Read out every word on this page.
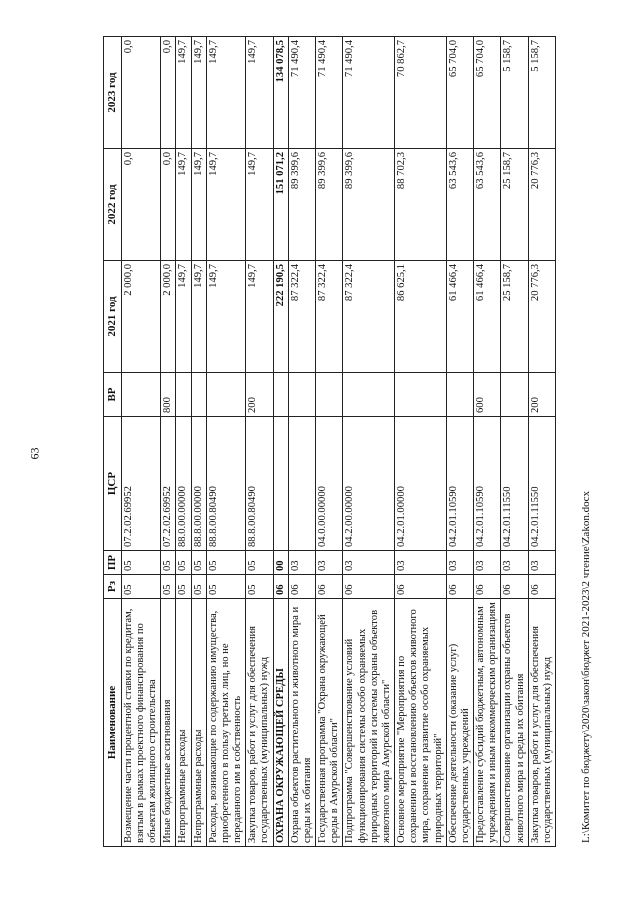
63
Наименование	Рз	ПР	ЦСР	ВР	2021 год	2022 год	2023 год
Возмещение части процентной ставки по кредитам, взятым в рамках проектного финансирования по объектам жилищного строительства	05	05	07.2.02.69952		2 000,0	0,0	0,0
Иные бюджетные ассигнования	05	05	07.2.02.69952	800	2 000,0	0,0	0,0
Непрограммные расходы	05	05	88.0.00.00000		149,7	149,7	149,7
Непрограммные расходы	05	05	88.8.00.00000		149,7	149,7	149,7
Расходы, возникающие по содержанию имущества, приобретенного в пользу третьих лиц, но не переданного им в собственность	05	05	88.8.00.80490		149,7	149,7	149,7
Закупка товаров, работ и услуг для обеспечения государственных (муниципальных) нужд	05	05	88.8.00.80490	200	149,7	149,7	149,7
ОХРАНА ОКРУЖАЮЩЕЙ СРЕДЫ	06	00			222 190,5	151 071,2	134 078,5
Охрана объектов растительного и животного мира и среды их обитания	06	03			87 322,4	89 399,6	71 490,4
Государственная программа "Охрана окружающей среды в Амурской области"	06	03	04.0.00.00000		87 322,4	89 399,6	71 490,4
Подпрограмма "Совершенствование условий функционирования системы особо охраняемых природных территорий и системы охраны объектов животного мира Амурской области"	06	03	04.2.00.00000		87 322,4	89 399,6	71 490,4
Основное мероприятие "Мероприятия по сохранению и восстановлению объектов животного мира, сохранение и развитие особо охраняемых природных территорий"	06	03	04.2.01.00000		86 625,1	88 702,3	70 862,7
Обеспечение деятельности (оказание услуг) государственных учреждений	06	03	04.2.01.10590		61 466,4	63 543,6	65 704,0
Предоставление субсидий бюджетным, автономным учреждениям и иным некоммерческим организациям	06	03	04.2.01.10590	600	61 466,4	63 543,6	65 704,0
Совершенствование организации охраны объектов животного мира и среды их обитания	06	03	04.2.01.11550		25 158,7	25 158,7	5 158,7
Закупка товаров, работ и услуг для обеспечения государственных (муниципальных) нужд	06	03	04.2.01.11550	200	20 776,3	20 776,3	5 158,7
L:\Комитет по бюджету\2020\закон\бюджет 2021-2023\2 чтение\Zakon.docx
